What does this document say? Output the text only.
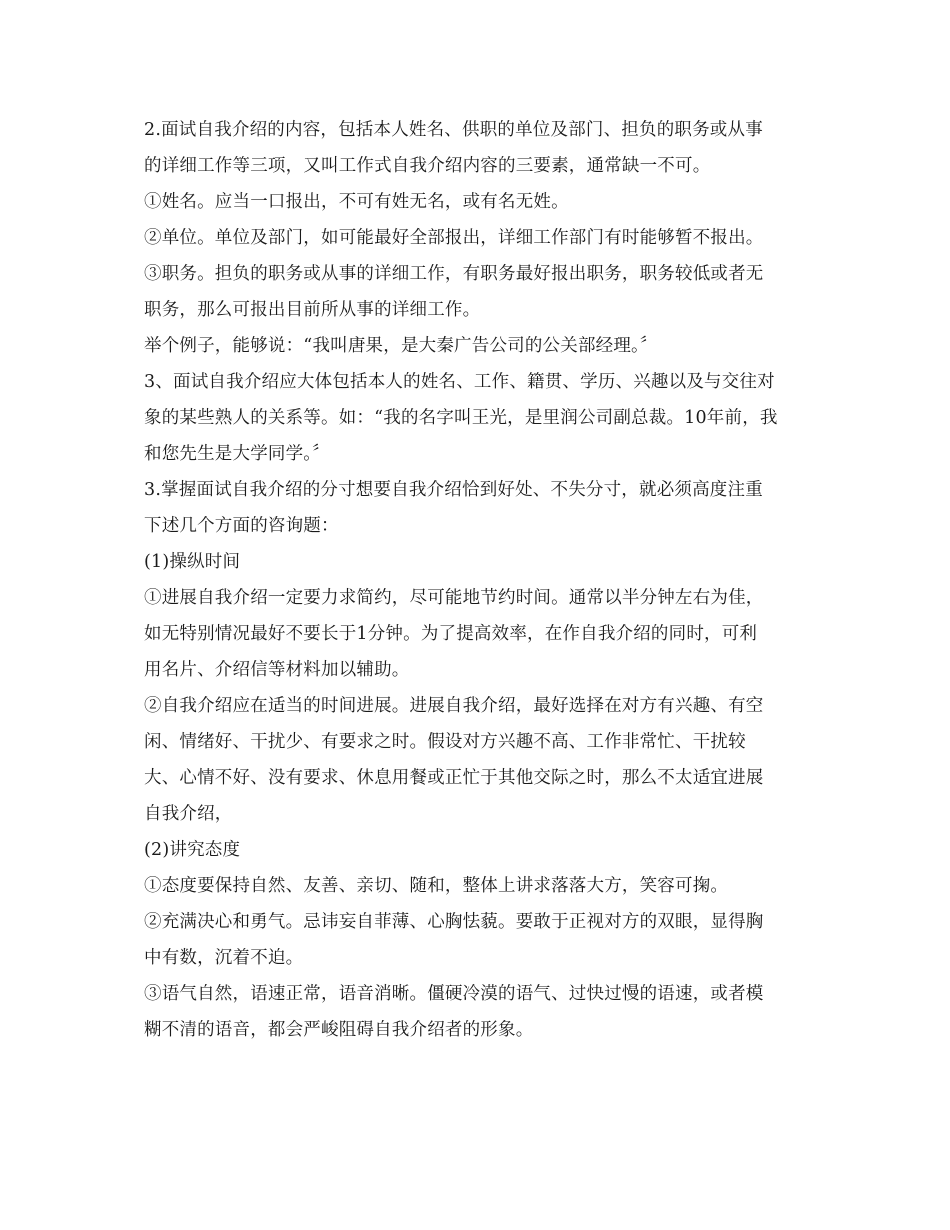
2.面试自我介绍的内容，包括本人姓名、供职的单位及部门、担负的职务或从事
的详细工作等三项，又叫工作式自我介绍内容的三要素，通常缺一不可。
①姓名。应当一口报出，不可有姓无名，或有名无姓。
②单位。单位及部门，如可能最好全部报出，详细工作部门有时能够暂不报出。
③职务。担负的职务或从事的详细工作，有职务最好报出职务，职务较低或者无
职务，那么可报出目前所从事的详细工作。
举个例子，能够说：“我叫唐果，是大秦广告公司的公关部经理。〞
3、面试自我介绍应大体包括本人的姓名、工作、籍贯、学历、兴趣以及与交往对
象的某些熟人的关系等。如：“我的名字叫王光，是里润公司副总裁。10年前，我
和您先生是大学同学。〞
3.掌握面试自我介绍的分寸想要自我介绍恰到好处、不失分寸，就必须高度注重
下述几个方面的咨询题：
(1)操纵时间
①进展自我介绍一定要力求简约，尽可能地节约时间。通常以半分钟左右为佳，
如无特别情况最好不要长于1分钟。为了提高效率，在作自我介绍的同时，可利
用名片、介绍信等材料加以辅助。
②自我介绍应在适当的时间进展。进展自我介绍，最好选择在对方有兴趣、有空
闲、情绪好、干扰少、有要求之时。假设对方兴趣不高、工作非常忙、干扰较
大、心情不好、没有要求、休息用餐或正忙于其他交际之时，那么不太适宜进展
自我介绍，
(2)讲究态度
①态度要保持自然、友善、亲切、随和，整体上讲求落落大方，笑容可掬。
②充满决心和勇气。忌讳妄自菲薄、心胸怯藐。要敢于正视对方的双眼，显得胸
中有数，沉着不迫。
③语气自然，语速正常，语音消晰。僵硬冷漠的语气、过快过慢的语速，或者模
糊不清的语音，都会严峻阻碍自我介绍者的形象。
